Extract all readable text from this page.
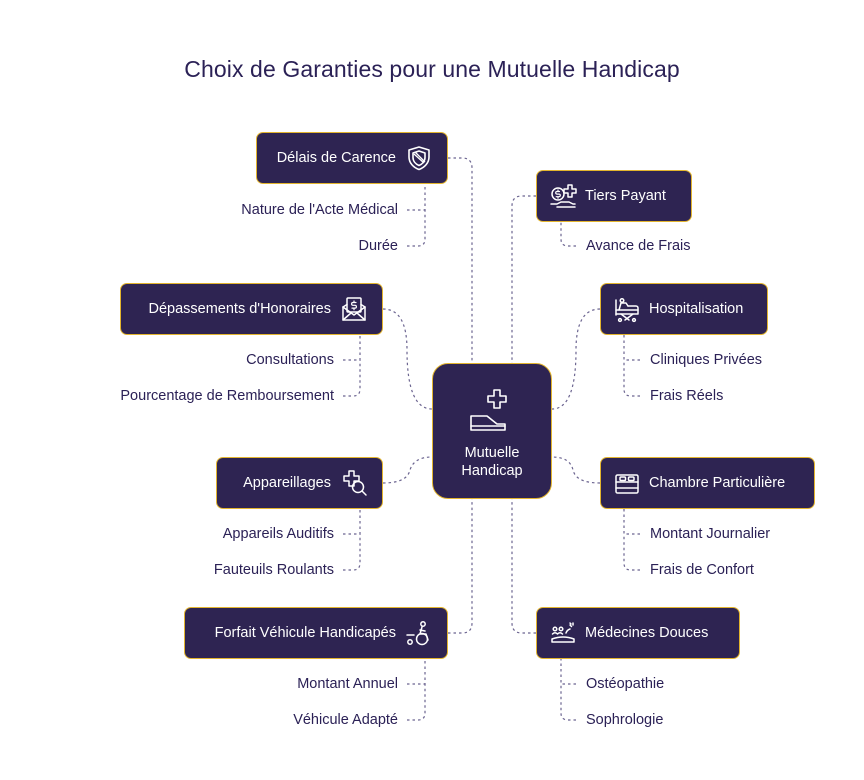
Choix de Garanties pour une Mutuelle Handicap
Mutuelle
Handicap
Délais de Carence
Nature de l'Acte Médical
Durée
Tiers Payant
Avance de Frais
Dépassements d'Honoraires
Consultations
Pourcentage de Remboursement
Hospitalisation
Cliniques Privées
Frais Réels
Appareillages
Appareils Auditifs
Fauteuils Roulants
Chambre Particulière
Montant Journalier
Frais de Confort
Forfait Véhicule Handicapés
Montant Annuel
Véhicule Adapté
Médecines Douces
Ostéopathie
Sophrologie
